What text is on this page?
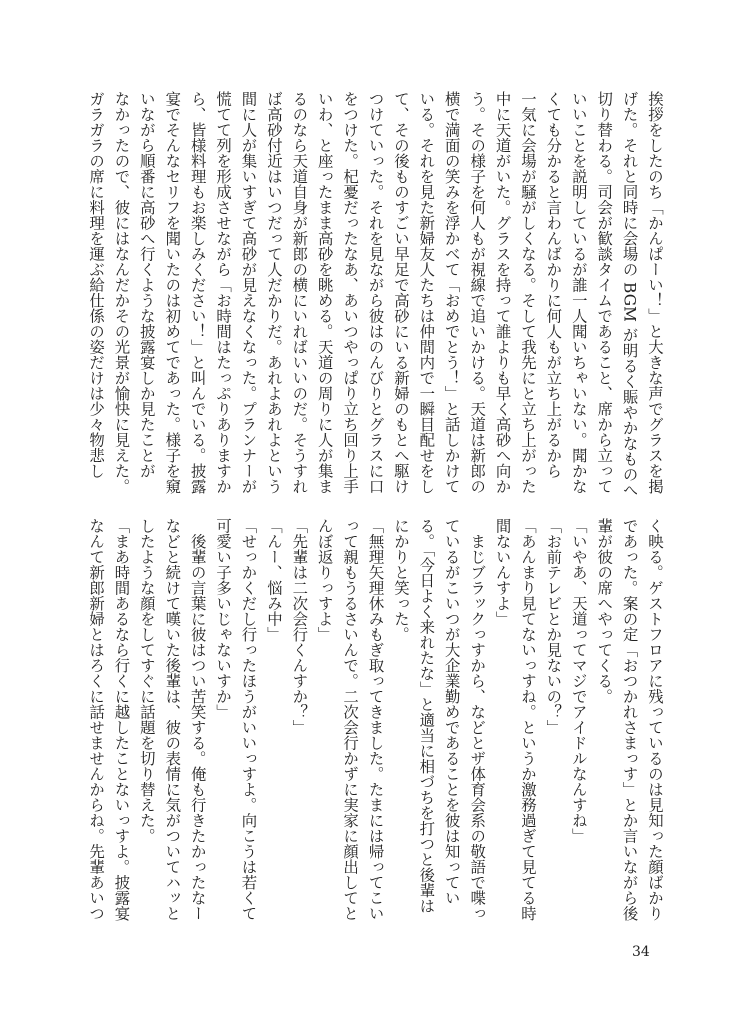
挨拶をしたのち「かんぱーい！」と大きな声でグラスを掲
げた。それと同時に会場の BGM が明るく賑やかなものへ
切り替わる。司会が歓談タイムであること、席から立って
いいことを説明しているが誰一人聞いちゃいない。聞かな
くても分かると言わんばかりに何人もが立ち上がるから
一気に会場が騒がしくなる。そして我先にと立ち上がった
中に天道がいた。グラスを持って誰よりも早く高砂へ向か
う。その様子を何人もが視線で追いかける。天道は新郎の
横で満面の笑みを浮かべて「おめでとう！」と話しかけて
いる。それを見た新婦友人たちは仲間内で一瞬目配せをし
て、その後ものすごい早足で高砂にいる新婦のもとへ駆け
つけていった。それを見ながら彼はのんびりとグラスに口
をつけた。杞憂だったなあ、あいつやっぱり立ち回り上手
いわ、と座ったまま高砂を眺める。天道の周りに人が集ま
るのなら天道自身が新郎の横にいればいいのだ。そうすれ
ば高砂付近はいつだって人だかりだ。あれよあれよという
間に人が集いすぎて高砂が見えなくなった。プランナーが
慌てて列を形成させながら「お時間はたっぷりありますか
ら、皆様料理もお楽しみください！」と叫んでいる。披露
宴でそんなセリフを聞いたのは初めてであった。様子を窺
いながら順番に高砂へ行くような披露宴しか見たことが
なかったので、彼にはなんだかその光景が愉快に見えた。
ガラガラの席に料理を運ぶ給仕係の姿だけは少々物悲し
く映る。ゲストフロアに残っているのは見知った顔ばかり
であった。案の定「おつかれさまっす」とか言いながら後
輩が彼の席へやってくる。
「いやあ、天道ってマジでアイドルなんすね」
「お前テレビとか見ないの？」
「あんまり見てないっすね。というか激務過ぎて見てる時
間ないんすよ」
　まじブラックっすから、などとザ体育会系の敬語で喋っ
ているがこいつが大企業勤めであることを彼は知ってい
る。「今日よく来れたな」と適当に相づちを打つと後輩は
にかりと笑った。
「無理矢理休みもぎ取ってきました。たまには帰ってこい
って親もうるさいんで。二次会行かずに実家に顔出してと
んぼ返りっすよ」
「先輩は二次会行くんすか？」
「んー、悩み中」
「せっかくだし行ったほうがいいっすよ。向こうは若くて
可愛い子多いじゃないすか」
　後輩の言葉に彼はつい苦笑する。俺も行きたかったなー
などと続けて嘆いた後輩は、彼の表情に気がついてハッと
したような顔をしてすぐに話題を切り替えた。
「まあ時間あるなら行くに越したことないっすよ。披露宴
なんて新郎新婦とはろくに話せませんからね。先輩あいつ
34
